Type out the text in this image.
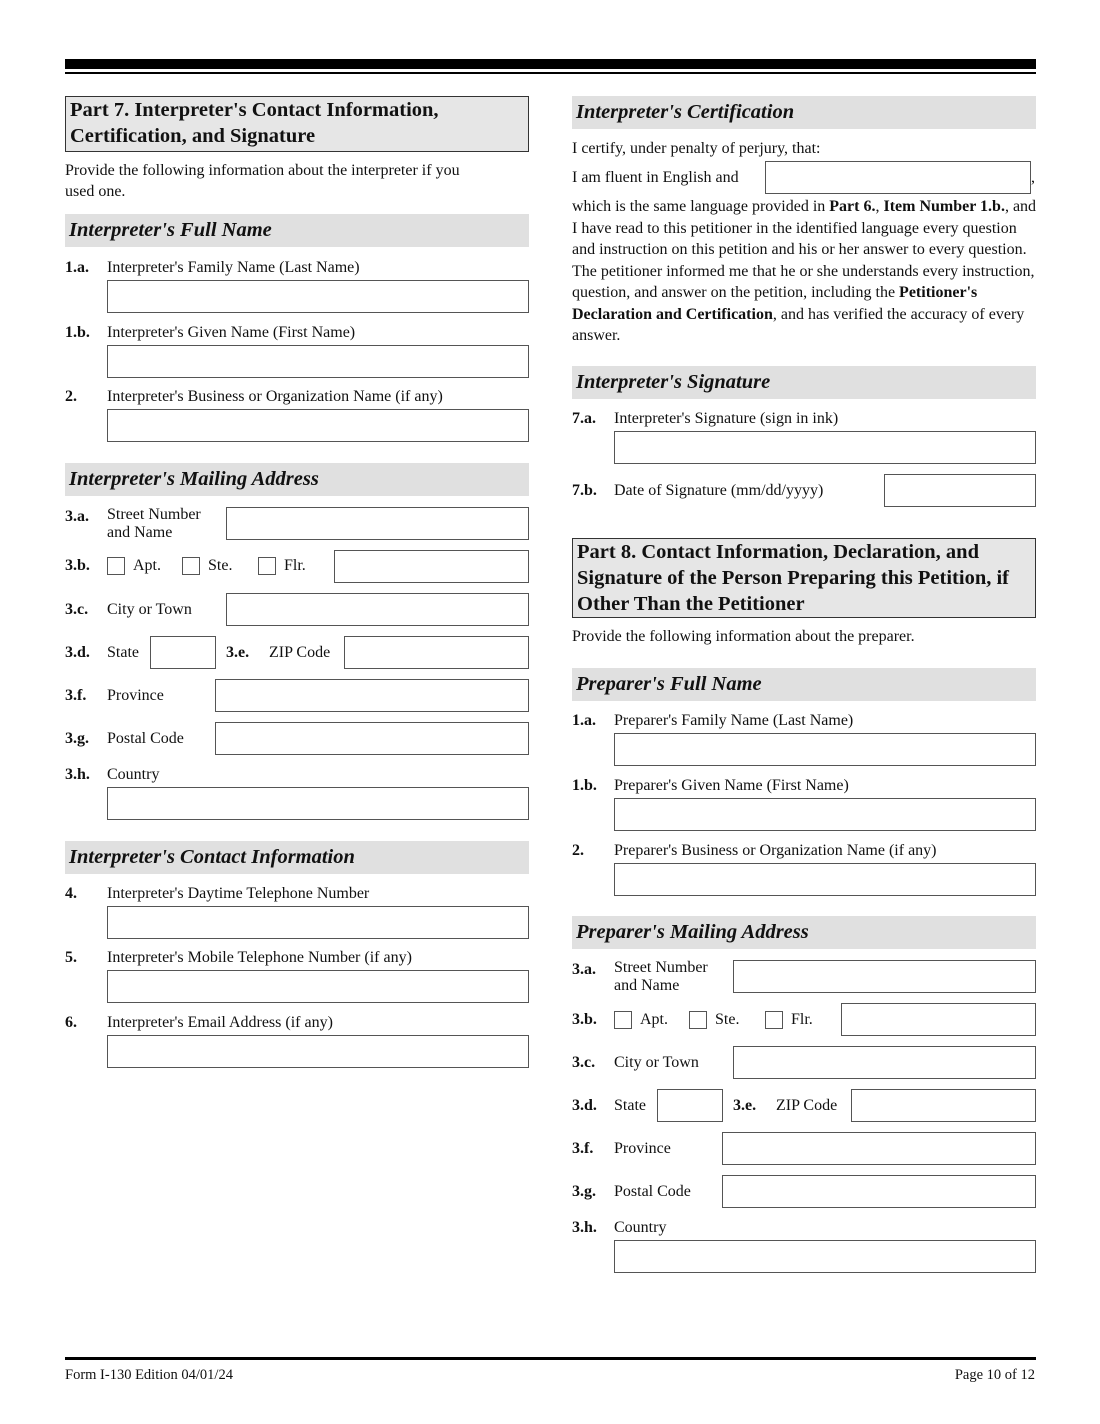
Part 7. Interpreter's Contact Information,
Certification, and Signature
Provide the following information about the interpreter if you
used one.
Interpreter's Full Name
1.a. Interpreter's Family Name (Last Name)
1.b. Interpreter's Given Name (First Name)
2. Interpreter's Business or Organization Name (if any)
Interpreter's Mailing Address
3.a. Street Number
and Name
3.b.	Apt.	Ste.	Flr.
3.c. City or Town
3.d. State	3.e. ZIP Code
3.f. Province
3.g. Postal Code
3.h. Country
Interpreter's Contact Information
4. Interpreter's Daytime Telephone Number
5. Interpreter's Mobile Telephone Number (if any)
6. Interpreter's Email Address (if any)
Interpreter's Certification
I certify, under penalty of perjury, that:
I am fluent in English and	,
which is the same language provided in Part 6., Item Number 1.b., and I have read to this petitioner in the identified language every question and instruction on this petition and his or her answer to every question. The petitioner informed me that he or she understands every instruction, question, and answer on the petition, including the Petitioner's Declaration and Certification, and has verified the accuracy of every answer.
Interpreter's Signature
7.a. Interpreter's Signature (sign in ink)
7.b. Date of Signature (mm/dd/yyyy)
Part 8. Contact Information, Declaration, and
Signature of the Person Preparing this Petition, if
Other Than the Petitioner
Provide the following information about the preparer.
Preparer's Full Name
1.a. Preparer's Family Name (Last Name)
1.b. Preparer's Given Name (First Name)
2. Preparer's Business or Organization Name (if any)
Preparer's Mailing Address
3.a. Street Number
and Name
3.b.	Apt.	Ste.	Flr.
3.c. City or Town
3.d. State	3.e. ZIP Code
3.f. Province
3.g. Postal Code
3.h. Country
Form I-130 Edition 04/01/24	Page 10 of 12
